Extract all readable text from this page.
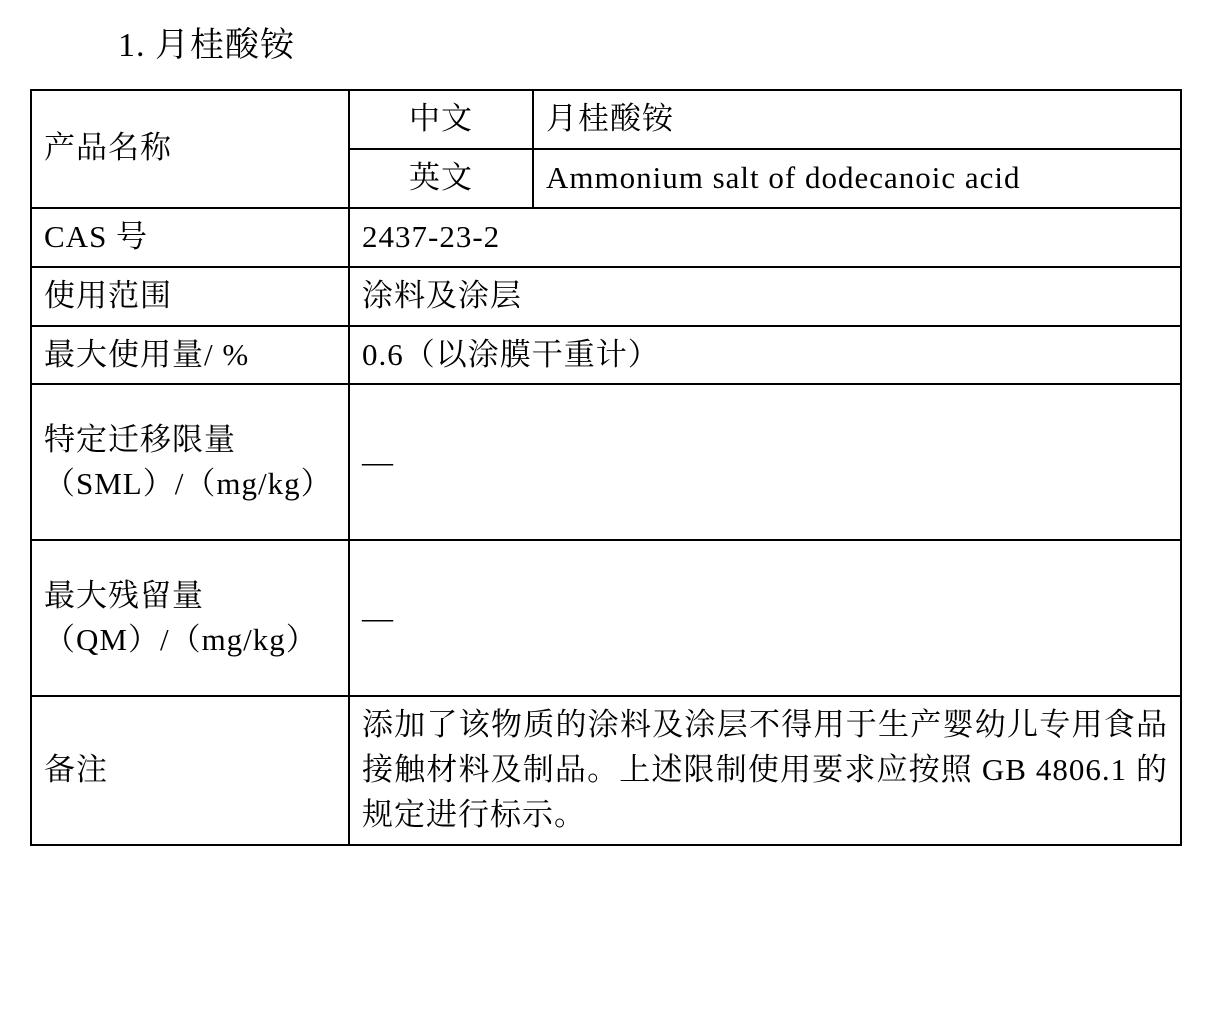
1. 月桂酸铵
产品名称	中文	月桂酸铵
	英文	Ammonium salt of dodecanoic acid
CAS 号	2437-23-2	
使用范围	涂料及涂层	
最大使用量/ %	0.6（以涂膜干重计）	

特定迁移限量
（SML）/（mg/kg）	—	

最大残留量
（QM）/（mg/kg）	—	
备注	添加了该物质的涂料及涂层不得用于生产婴幼儿专用食品接触材料及制品。上述限制使用要求应按照 GB 4806.1 的规定进行标示。	
